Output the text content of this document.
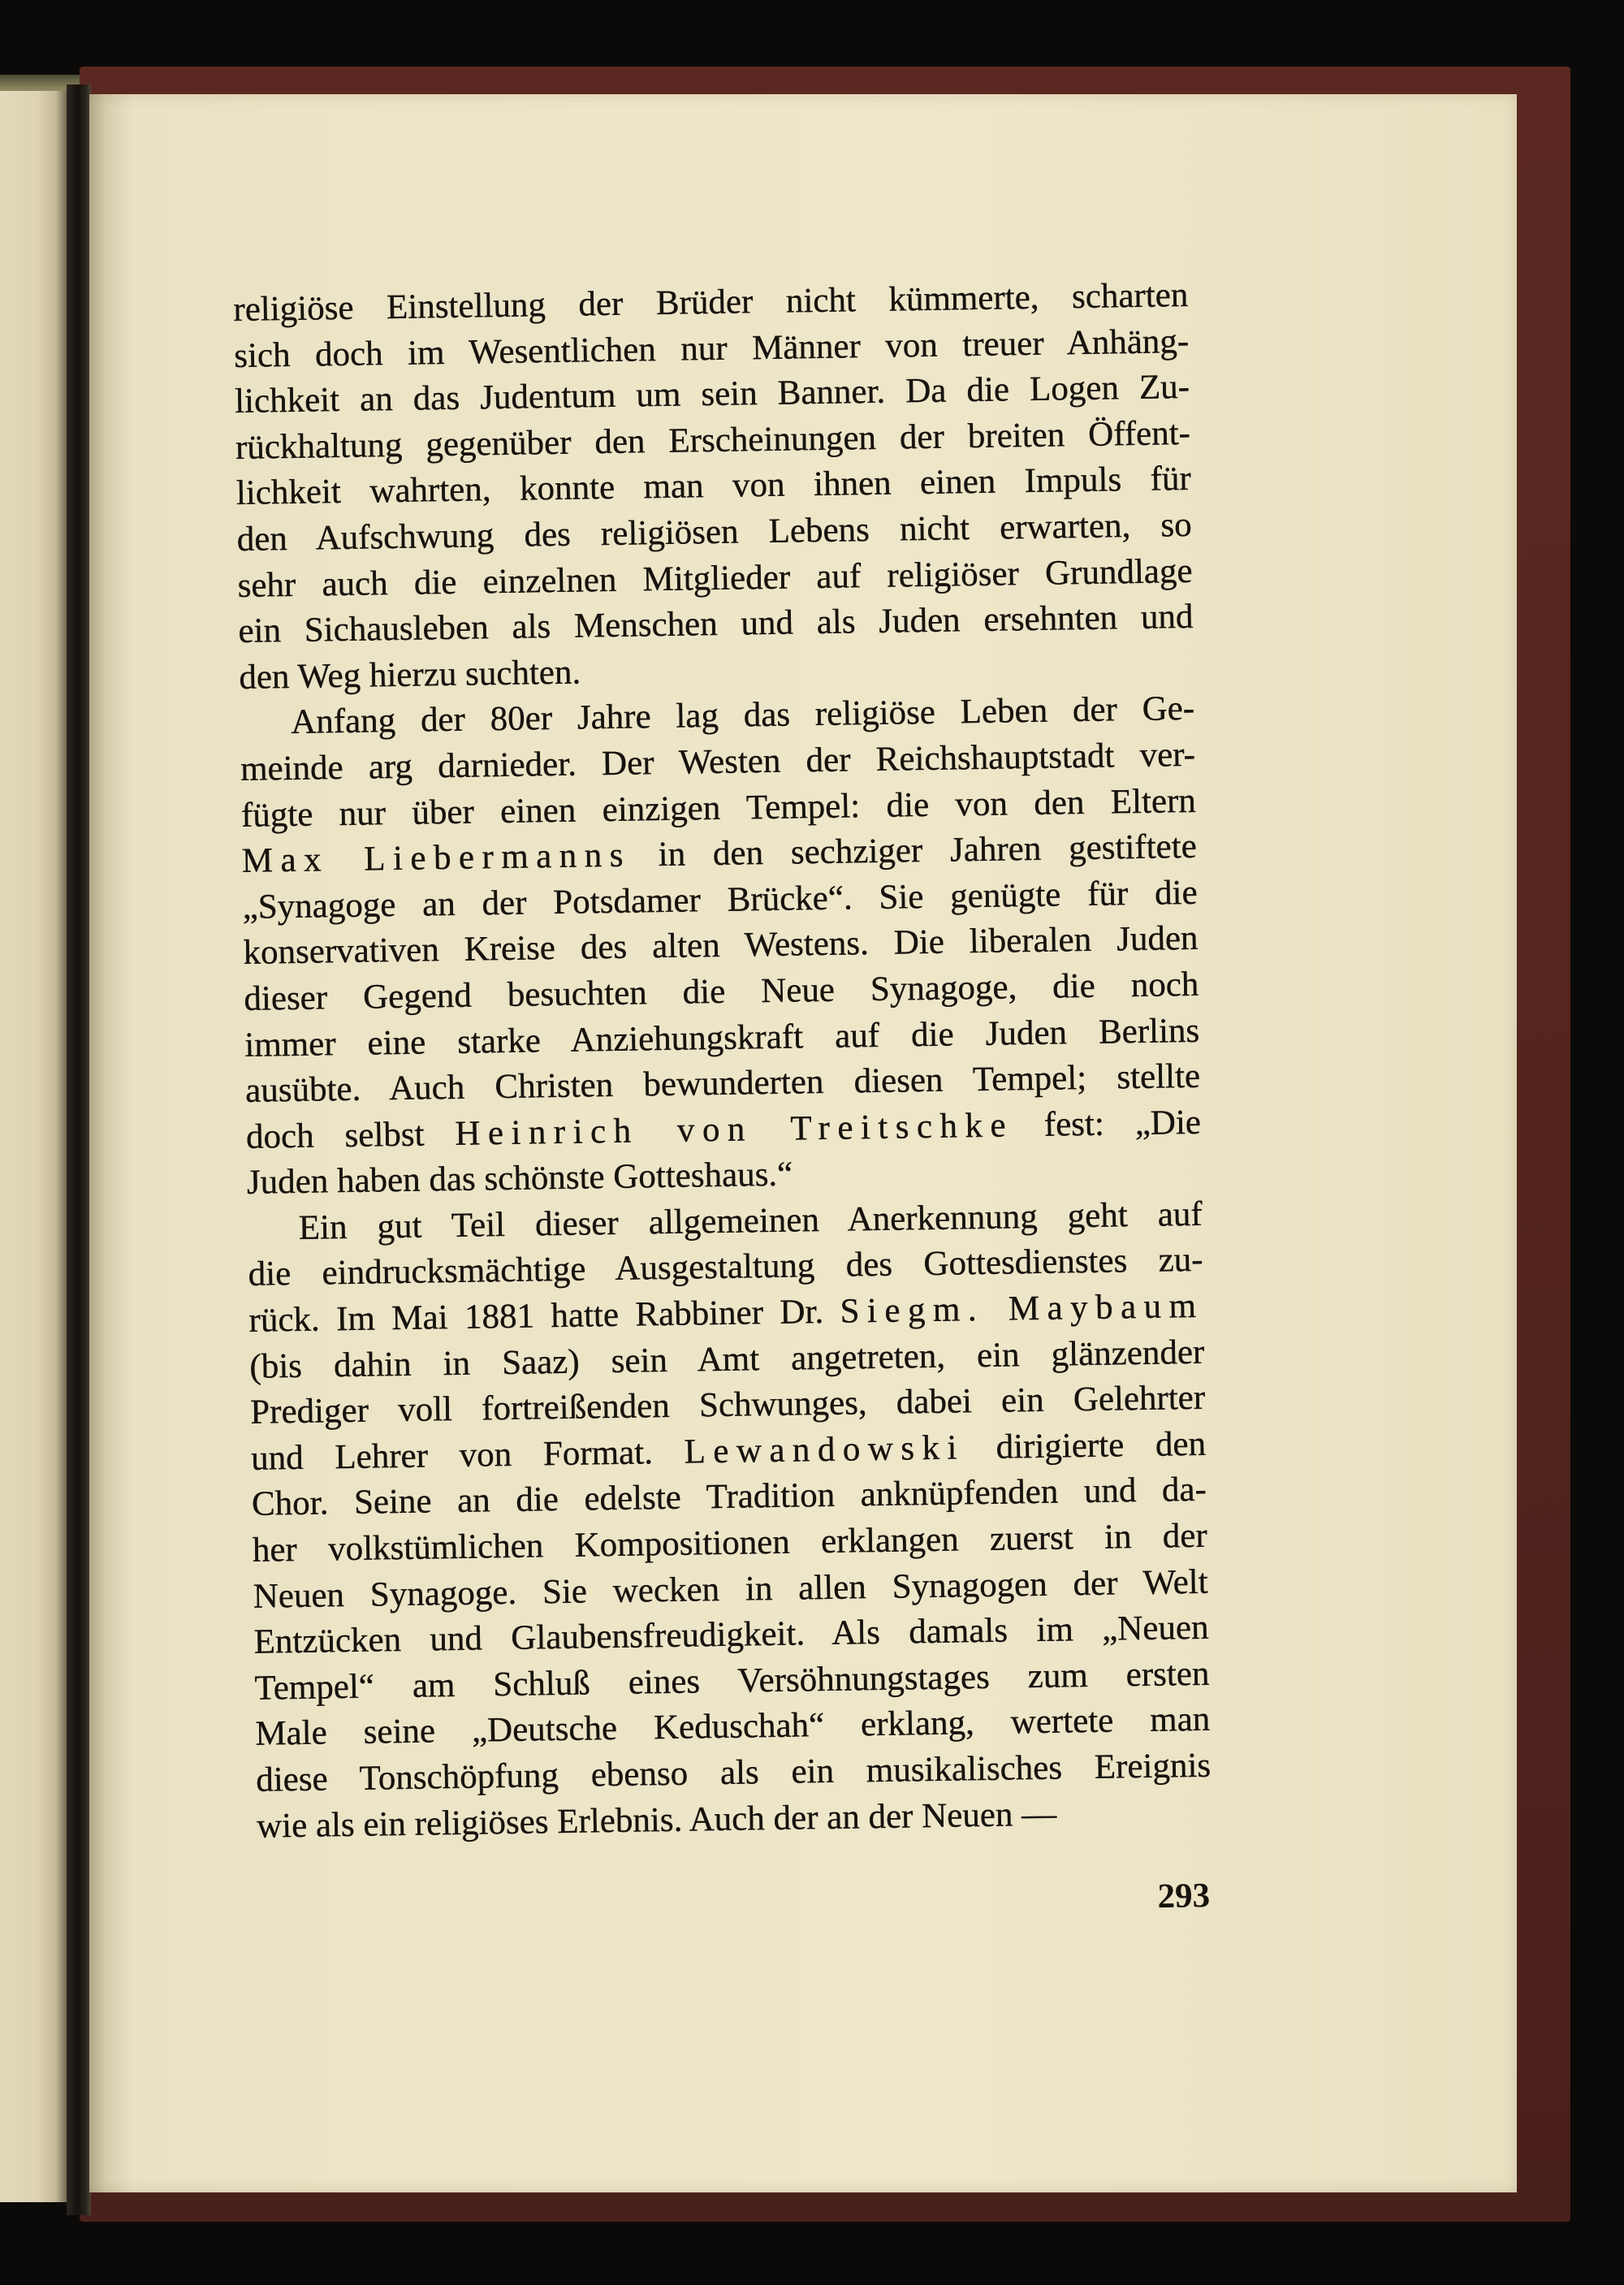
religiöse Einstellung der Brüder nicht kümmerte, scharten
sich doch im Wesentlichen nur Männer von treuer Anhäng-
lichkeit an das Judentum um sein Banner. Da die Logen Zu-
rückhaltung gegenüber den Erscheinungen der breiten Öffent-
lichkeit wahrten, konnte man von ihnen einen Impuls für
den Aufschwung des religiösen Lebens nicht erwarten, so
sehr auch die einzelnen Mitglieder auf religiöser Grundlage
ein Sichausleben als Menschen und als Juden ersehnten und
den Weg hierzu suchten.
Anfang der 80er Jahre lag das religiöse Leben der Ge-
meinde arg darnieder. Der Westen der Reichshauptstadt ver-
fügte nur über einen einzigen Tempel: die von den Eltern
Max Liebermanns in den sechziger Jahren gestiftete
„Synagoge an der Potsdamer Brücke“. Sie genügte für die
konservativen Kreise des alten Westens. Die liberalen Juden
dieser Gegend besuchten die Neue Synagoge, die noch
immer eine starke Anziehungskraft auf die Juden Berlins
ausübte. Auch Christen bewunderten diesen Tempel; stellte
doch selbst Heinrich von Treitschke fest: „Die
Juden haben das schönste Gotteshaus.“
Ein gut Teil dieser allgemeinen Anerkennung geht auf
die eindrucksmächtige Ausgestaltung des Gottesdienstes zu-
rück. Im Mai 1881 hatte Rabbiner Dr. Siegm. Maybaum
(bis dahin in Saaz) sein Amt angetreten, ein glänzender
Prediger voll fortreißenden Schwunges, dabei ein Gelehrter
und Lehrer von Format. Lewandowski dirigierte den
Chor. Seine an die edelste Tradition anknüpfenden und da-
her volkstümlichen Kompositionen erklangen zuerst in der
Neuen Synagoge. Sie wecken in allen Synagogen der Welt
Entzücken und Glaubensfreudigkeit. Als damals im „Neuen
Tempel“ am Schluß eines Versöhnungstages zum ersten
Male seine „Deutsche Keduschah“ erklang, wertete man
diese Tonschöpfung ebenso als ein musikalisches Ereignis
wie als ein religiöses Erlebnis. Auch der an der Neuen —
293
